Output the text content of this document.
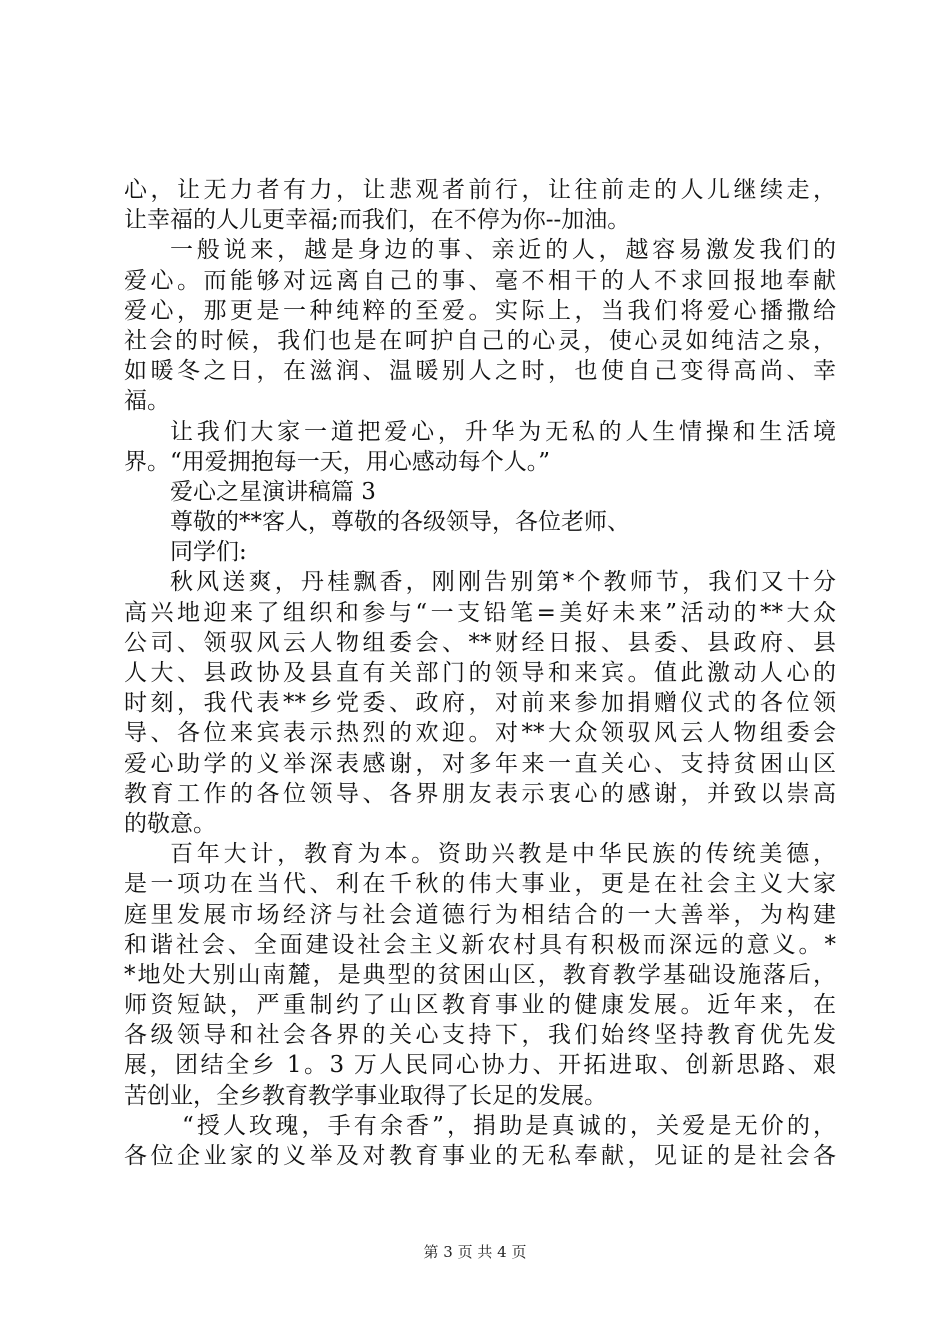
心，让无力者有力，让悲观者前行，让往前走的人儿继续走，
让幸福的人儿更幸福;而我们，在不停为你--加油。
一般说来，越是身边的事、亲近的人，越容易激发我们的
爱心。而能够对远离自己的事、毫不相干的人不求回报地奉献
爱心，那更是一种纯粹的至爱。实际上，当我们将爱心播撒给
社会的时候，我们也是在呵护自己的心灵，使心灵如纯洁之泉，
如暖冬之日，在滋润、温暖别人之时，也使自己变得高尚、幸
福。
让我们大家一道把爱心，升华为无私的人生情操和生活境
界。“用爱拥抱每一天，用心感动每个人。”
爱心之星演讲稿篇 3
尊敬的**客人，尊敬的各级领导，各位老师、
同学们:
秋风送爽，丹桂飘香，刚刚告别第*个教师节，我们又十分
高兴地迎来了组织和参与“一支铅笔=美好未来”活动的**大众
公司、领驭风云人物组委会、**财经日报、县委、县政府、县
人大、县政协及县直有关部门的领导和来宾。值此激动人心的
时刻，我代表**乡党委、政府，对前来参加捐赠仪式的各位领
导、各位来宾表示热烈的欢迎。对**大众领驭风云人物组委会
爱心助学的义举深表感谢，对多年来一直关心、支持贫困山区
教育工作的各位领导、各界朋友表示衷心的感谢，并致以崇高
的敬意。
百年大计，教育为本。资助兴教是中华民族的传统美德，
是一项功在当代、利在千秋的伟大事业，更是在社会主义大家
庭里发展市场经济与社会道德行为相结合的一大善举，为构建
和谐社会、全面建设社会主义新农村具有积极而深远的意义。*
*地处大别山南麓，是典型的贫困山区，教育教学基础设施落后，
师资短缺，严重制约了山区教育事业的健康发展。近年来，在
各级领导和社会各界的关心支持下，我们始终坚持教育优先发
展，团结全乡 1。3 万人民同心协力、开拓进取、创新思路、艰
苦创业，全乡教育教学事业取得了长足的发展。
“授人玫瑰，手有余香”，捐助是真诚的，关爱是无价的，
各位企业家的义举及对教育事业的无私奉献，见证的是社会各
第 3 页 共 4 页
